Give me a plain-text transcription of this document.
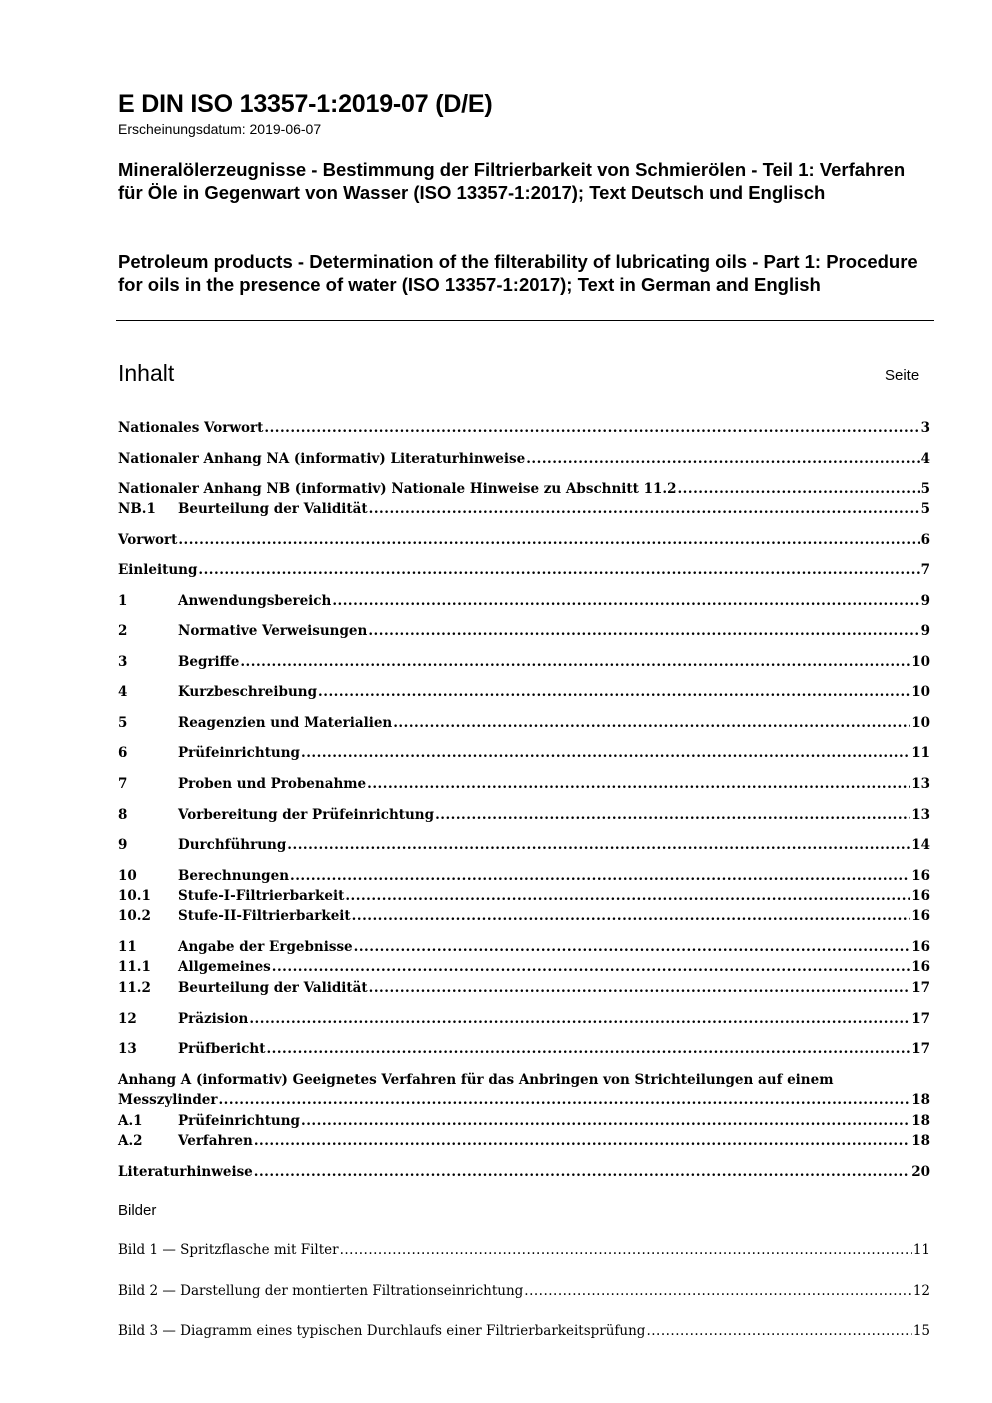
E DIN ISO 13357-1:2019-07 (D/E)
Erscheinungsdatum: 2019-06-07
Mineralölerzeugnisse - Bestimmung der Filtrierbarkeit von Schmierölen - Teil 1: Verfahren für Öle in Gegenwart von Wasser (ISO 13357-1:2017); Text Deutsch und Englisch
Petroleum products - Determination of the filterability of lubricating oils - Part 1: Procedure for oils in the presence of water (ISO 13357-1:2017); Text in German and English
Inhalt	Seite
Nationales Vorwort .....	3
Nationaler Anhang NA (informativ) Literaturhinweise .....	4
Nationaler Anhang NB (informativ) Nationale Hinweise zu Abschnitt 11.2 .....	5
NB.1	Beurteilung der Validität .....	5
Vorwort .....	6
Einleitung .....	7
1	Anwendungsbereich .....	9
2	Normative Verweisungen .....	9
3	Begriffe .....	10
4	Kurzbeschreibung .....	10
5	Reagenzien und Materialien .....	10
6	Prüfeinrichtung .....	11
7	Proben und Probenahme .....	13
8	Vorbereitung der Prüfeinrichtung .....	13
9	Durchführung .....	14
10	Berechnungen .....	16
10.1	Stufe-I-Filtrierbarkeit .....	16
10.2	Stufe-II-Filtrierbarkeit .....	16
11	Angabe der Ergebnisse .....	16
11.1	Allgemeines .....	16
11.2	Beurteilung der Validität .....	17
12	Präzision .....	17
13	Prüfbericht .....	17
Anhang A (informativ) Geeignetes Verfahren für das Anbringen von Strichteilungen auf einem
Messzylinder .....	18
A.1	Prüfeinrichtung .....	18
A.2	Verfahren .....	18
Literaturhinweise .....	20
Bilder
Bild 1 — Spritzflasche mit Filter .....	11
Bild 2 — Darstellung der montierten Filtrationseinrichtung .....	12
Bild 3 — Diagramm eines typischen Durchlaufs einer Filtrierbarkeitsprüfung .....	15
